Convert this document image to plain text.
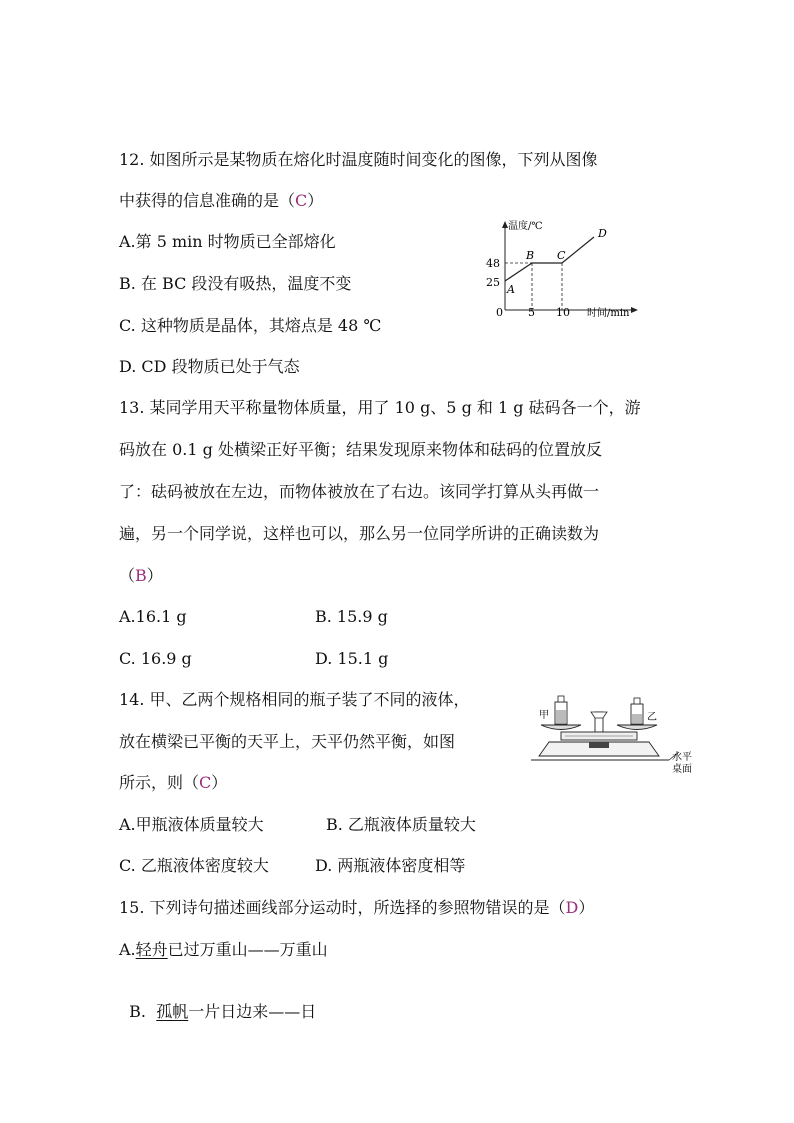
12. 如图所示是某物质在熔化时温度随时间变化的图像，下列从图像
中获得的信息准确的是（C）
A.第 5 min 时物质已全部熔化
B. 在 BC 段没有吸热，温度不变
C. 这种物质是晶体，其熔点是 48 ℃
D. CD 段物质已处于气态
温度/℃
时间/min
0
48
25
5 10
A
B C
D
13. 某同学用天平称量物体质量，用了 10 g、5 g 和 1 g 砝码各一个，游
码放在 0.1 g 处横梁正好平衡；结果发现原来物体和砝码的位置放反
了：砝码被放在左边，而物体被放在了右边。该同学打算从头再做一
遍，另一个同学说，这样也可以，那么另一位同学所讲的正确读数为
（B）
A.16.1 g	B. 15.9 g
C. 16.9 g	D. 15.1 g
14. 甲、乙两个规格相同的瓶子装了不同的液体，
放在横梁已平衡的天平上，天平仍然平衡，如图
所示，则（C）
甲	乙
水平
桌面
A.甲瓶液体质量较大	B. 乙瓶液体质量较大
C. 乙瓶液体密度较大	D. 两瓶液体密度相等
15. 下列诗句描述画线部分运动时，所选择的参照物错误的是（D）
A.轻舟已过万重山——万重山

B.  孤帆一片日边来——日
